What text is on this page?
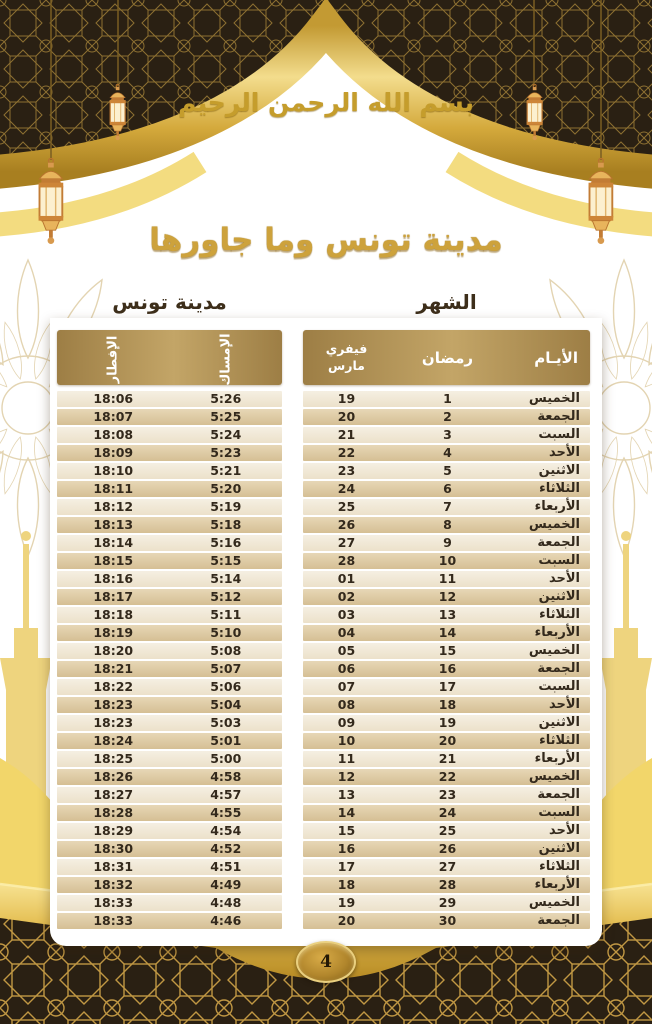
بسم الله الرحمن الرحيم
مدينة تونس وما جاورها
الشهر
مدينة تونس
فيفري
مارس	رمضان	الأيـام
19	1	الخميس
20	2	الجمعة
21	3	السبت
22	4	الأحد
23	5	الاثنين
24	6	الثلاثاء
25	7	الأربعاء
26	8	الخميس
27	9	الجمعة
28	10	السبت
01	11	الأحد
02	12	الاثنين
03	13	الثلاثاء
04	14	الأربعاء
05	15	الخميس
06	16	الجمعة
07	17	السبت
08	18	الأحد
09	19	الاثنين
10	20	الثلاثاء
11	21	الأربعاء
12	22	الخميس
13	23	الجمعة
14	24	السبت
15	25	الأحد
16	26	الاثنين
17	27	الثلاثاء
18	28	الأربعاء
19	29	الخميس
20	30	الجمعة
الإفطار	الإمساك
18:06	5:26
18:07	5:25
18:08	5:24
18:09	5:23
18:10	5:21
18:11	5:20
18:12	5:19
18:13	5:18
18:14	5:16
18:15	5:15
18:16	5:14
18:17	5:12
18:18	5:11
18:19	5:10
18:20	5:08
18:21	5:07
18:22	5:06
18:23	5:04
18:23	5:03
18:24	5:01
18:25	5:00
18:26	4:58
18:27	4:57
18:28	4:55
18:29	4:54
18:30	4:52
18:31	4:51
18:32	4:49
18:33	4:48
18:33	4:46
4
